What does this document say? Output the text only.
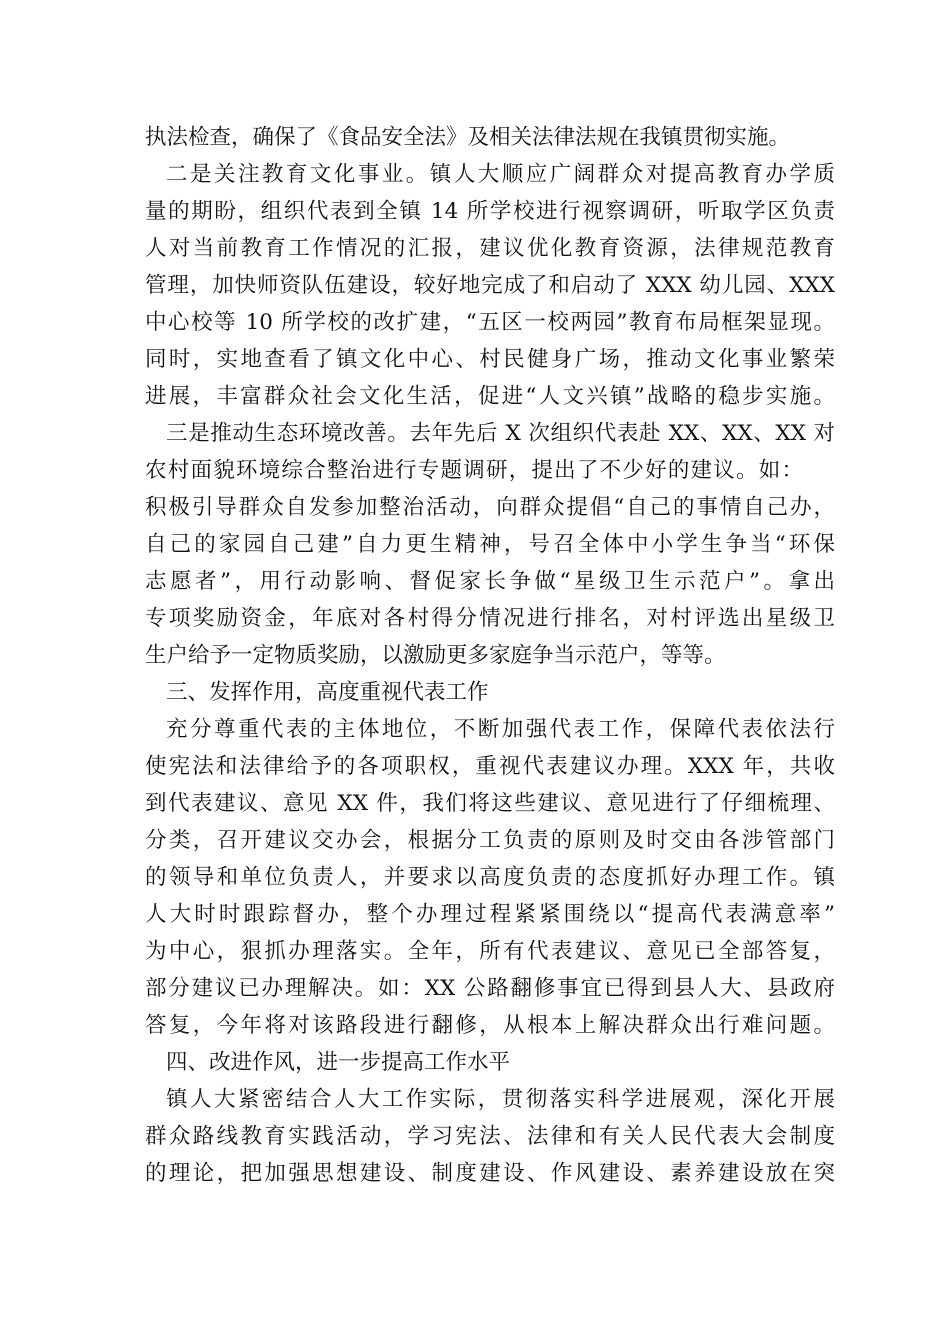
执法检查，确保了《食品安全法》及相关法律法规在我镇贯彻实施。
二是关注教育文化事业。镇人大顺应广阔群众对提高教育办学质
量的期盼，组织代表到全镇 14 所学校进行视察调研，听取学区负责
人对当前教育工作情况的汇报，建议优化教育资源，法律规范教育
管理，加快师资队伍建设，较好地完成了和启动了 XXX 幼儿园、XXX
中心校等 10 所学校的改扩建，“五区一校两园”教育布局框架显现。
同时，实地查看了镇文化中心、村民健身广场，推动文化事业繁荣
进展，丰富群众社会文化生活，促进“人文兴镇”战略的稳步实施。
三是推动生态环境改善。去年先后 X 次组织代表赴 XX、XX、XX 对
农村面貌环境综合整治进行专题调研，提出了不少好的建议。如：
积极引导群众自发参加整治活动，向群众提倡“自己的事情自己办，
自己的家园自己建”自力更生精神，号召全体中小学生争当“环保
志愿者”，用行动影响、督促家长争做“星级卫生示范户”。拿出
专项奖励资金，年底对各村得分情况进行排名，对村评选出星级卫
生户给予一定物质奖励，以激励更多家庭争当示范户，等等。
三、发挥作用，高度重视代表工作
充分尊重代表的主体地位，不断加强代表工作，保障代表依法行
使宪法和法律给予的各项职权，重视代表建议办理。XXX 年，共收
到代表建议、意见 XX 件，我们将这些建议、意见进行了仔细梳理、
分类，召开建议交办会，根据分工负责的原则及时交由各涉管部门
的领导和单位负责人，并要求以高度负责的态度抓好办理工作。镇
人大时时跟踪督办，整个办理过程紧紧围绕以“提高代表满意率”
为中心，狠抓办理落实。全年，所有代表建议、意见已全部答复，
部分建议已办理解决。如：XX 公路翻修事宜已得到县人大、县政府
答复，今年将对该路段进行翻修，从根本上解决群众出行难问题。
四、改进作风，进一步提高工作水平
镇人大紧密结合人大工作实际，贯彻落实科学进展观，深化开展
群众路线教育实践活动，学习宪法、法律和有关人民代表大会制度
的理论，把加强思想建设、制度建设、作风建设、素养建设放在突
